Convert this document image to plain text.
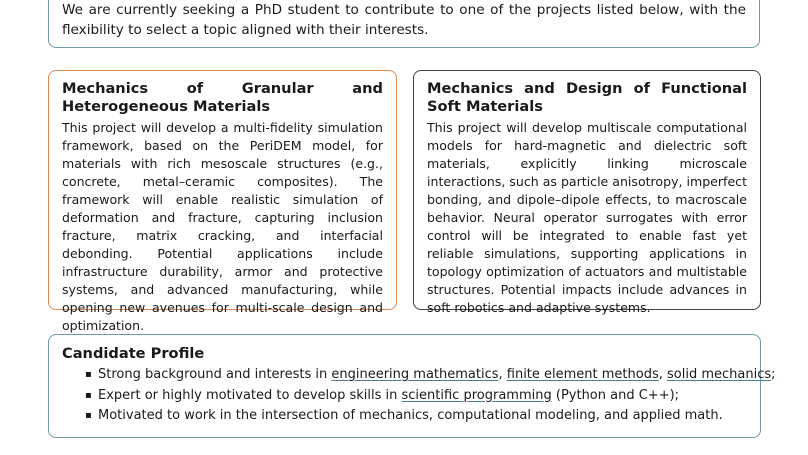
We are currently seeking a PhD student to contribute to one of the projects listed below, with the flexibility to select a topic aligned with their interests.
Mechanics of Granular and Heterogeneous Materials
This project will develop a multi-fidelity simulation framework, based on the PeriDEM model, for materials with rich mesoscale structures (e.g., concrete, metal–ceramic composites). The framework will enable realistic simulation of deformation and fracture, capturing inclusion fracture, matrix cracking, and interfacial debonding. Potential applications include infrastructure durability, armor and protective systems, and advanced manufacturing, while opening new avenues for multi-scale design and optimization.
Mechanics and Design of Functional Soft Materials
This project will develop multiscale computational models for hard-magnetic and dielectric soft materials, explicitly linking microscale interactions, such as particle anisotropy, imperfect bonding, and dipole–dipole effects, to macroscale behavior. Neural operator surrogates with error control will be integrated to enable fast yet reliable simulations, supporting applications in topology optimization of actuators and multistable structures. Potential impacts include advances in soft robotics and adaptive systems.
Candidate Profile
▪ Strong background and interests in engineering mathematics, finite element methods, solid mechanics;
▪ Expert or highly motivated to develop skills in scientific programming (Python and C++);
▪ Motivated to work in the intersection of mechanics, computational modeling, and applied math.
